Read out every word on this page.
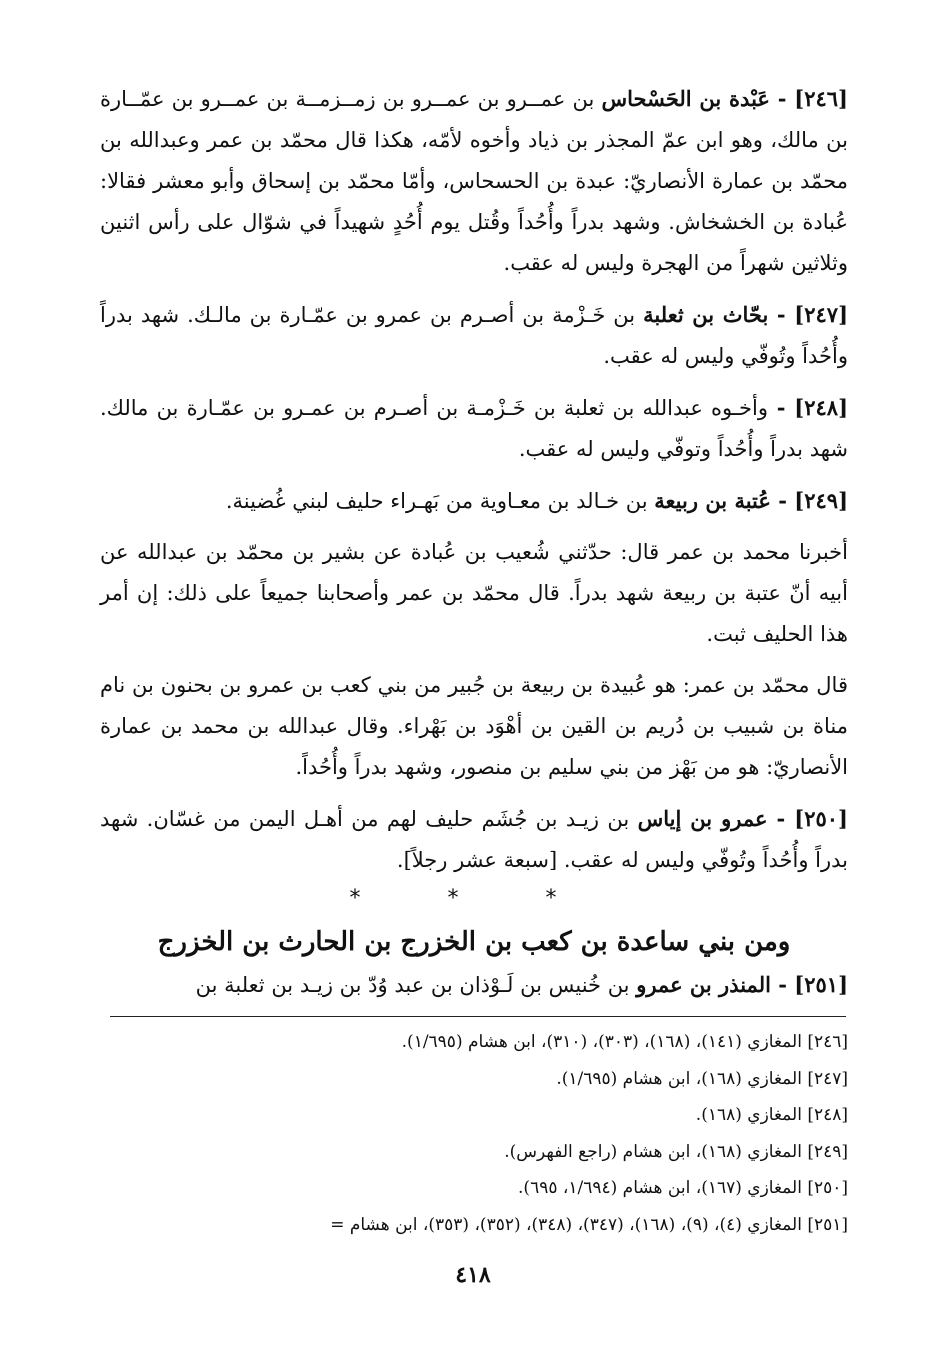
[٢٤٦] - عَبْدة بن الحَسْحاس بن عمــرو بن عمــرو بن زمــزمــة بن عمــرو بن عمّــارة بن مالك، وهو ابن عمّ المجذر بن ذياد وأخوه لأمّه، هكذا قال محمّد بن عمر وعبدالله بن محمّد بن عمارة الأنصاريّ: عبدة بن الحسحاس، وأمّا محمّد بن إسحاق وأبو معشر فقالا: عُبادة بن الخشخاش. وشهد بدراً وأُحُداً وقُتل يوم أُحُدٍ شهيداً في شوّال على رأس اثنين وثلاثين شهراً من الهجرة وليس له عقب.

[٢٤٧] - بحّاث بن ثعلبة بن خَـزْمة بن أصـرم بن عمرو بن عمّـارة بن مالـك. شهد بدراً وأُحُداً وتُوفّي وليس له عقب.

[٢٤٨] - وأخـوه عبدالله بن ثعلبة بن خَـزْمـة بن أصـرم بن عمـرو بن عمّـارة بن مالك. شهد بدراً وأُحُداً وتوفّي وليس له عقب.

[٢٤٩] - عُتبة بن ربيعة بن خـالد بن معـاوية من بَهـراء حليف لبني غُضينة.

أخبرنا محمد بن عمر قال: حدّثني شُعيب بن عُبادة عن بشير بن محمّد بن عبدالله عن أبيه أنّ عتبة بن ربيعة شهد بدراً. قال محمّد بن عمر وأصحابنا جميعاً على ذلك: إن أمر هذا الحليف ثبت.

قال محمّد بن عمر: هو عُبيدة بن ربيعة بن جُبير من بني كعب بن عمرو بن بحنون بن نام مناة بن شبيب بن دُريم بن القين بن أهْوَد بن بَهْراء. وقال عبدالله بن محمد بن عمارة الأنصاريّ: هو من بَهْز من بني سليم بن منصور، وشهد بدراً وأُحُداً.

[٢٥٠] - عمرو بن إياس بن زيـد بن جُشَم حليف لهم من أهـل اليمن من غسّان. شهد بدراً وأُحُداً وتُوفّي وليس له عقب. [سبعة عشر رجلاً].

* * *
ومن بني ساعدة بن كعب بن الخزرج بن الحارث بن الخزرج

[٢٥١] - المنذر بن عمرو بن خُنيس بن لَـوْذان بن عبد وُدّ بن زيـد بن ثعلبة بن

[٢٤٦] المغازي (١٤١)، (١٦٨)، (٣٠٣)، (٣١٠)، ابن هشام (١/٦٩٥).
[٢٤٧] المغازي (١٦٨)، ابن هشام (١/٦٩٥).
[٢٤٨] المغازي (١٦٨).
[٢٤٩] المغازي (١٦٨)، ابن هشام (راجع الفهرس).
[٢٥٠] المغازي (١٦٧)، ابن هشام (١/٦٩٤، ٦٩٥).
[٢٥١] المغازي (٤)، (٩)، (١٦٨)، (٣٤٧)، (٣٤٨)، (٣٥٢)، (٣٥٣)، ابن هشام =
٤١٨
